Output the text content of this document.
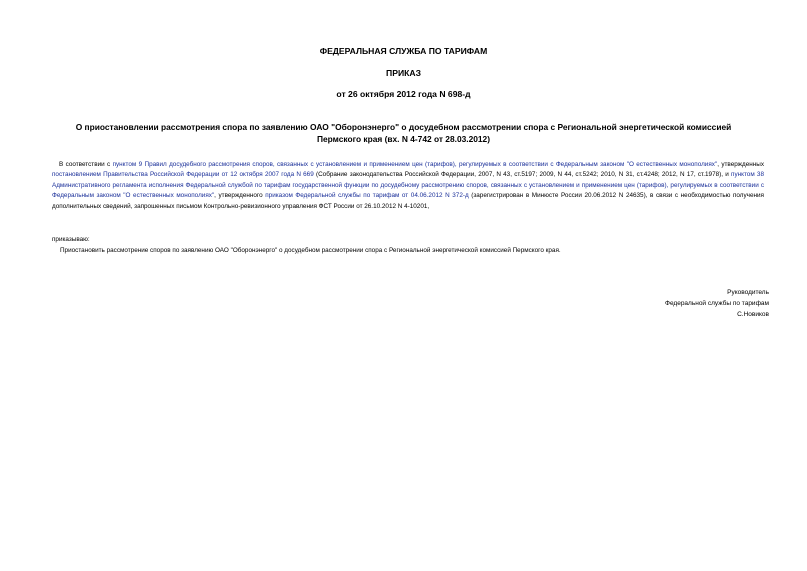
ФЕДЕРАЛЬНАЯ СЛУЖБА ПО ТАРИФАМ
ПРИКАЗ
от 26 октября 2012 года N 698-д
О приостановлении рассмотрения спора по заявлению ОАО "Оборонэнерго" о досудебном рассмотрении спора с Региональной энергетической комиссией
Пермского края (вх. N 4-742 от 28.03.2012)

В соответствии с пунктом 9 Правил досудебного рассмотрения споров, связанных с установлением и применением цен (тарифов), регулируемых в соответствии с Федеральным законом "О естественных монополиях", утвержденных постановлением Правительства Российской Федерации от 12 октября 2007 года N 669 (Собрание законодательства Российской Федерации, 2007, N 43, ст.5197; 2009, N 44, ст.5242; 2010, N 31, ст.4248; 2012, N 17, ст.1978), и пунктом 38 Административного регламента исполнения Федеральной службой по тарифам государственной функции по досудебному рассмотрению споров, связанных с установлением и применением цен (тарифов), регулируемых в соответствии с Федеральным законом "О естественных монополиях", утвержденного приказом Федеральной службы по тарифам от 04.06.2012 N 372-д (зарегистрирован в Минюсте России 20.06.2012 N 24635), в связи с необходимостью получения дополнительных сведений, запрошенных письмом Контрольно-ревизионного управления ФСТ России от 26.10.2012 N 4-10201,

приказываю:
Приостановить рассмотрение споров по заявлению ОАО "Оборонэнерго" о досудебном рассмотрении спора с Региональной энергетической комиссией Пермского края.
Руководитель
Федеральной службы по тарифам
С.Новиков
